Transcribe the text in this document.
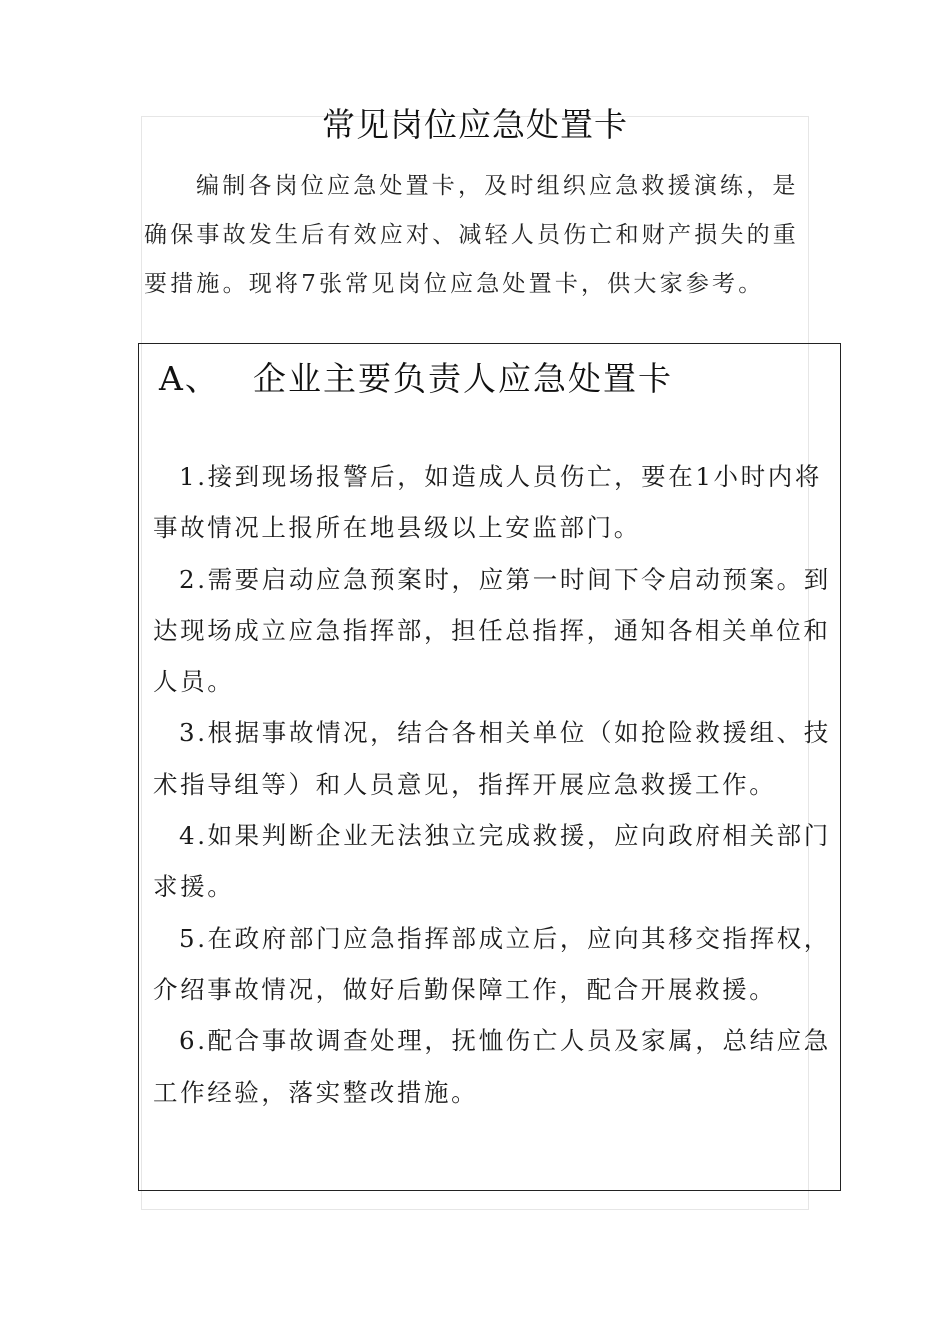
常见岗位应急处置卡

编制各岗位应急处置卡，及时组织应急救援演练，是确保事故发生后有效应对、减轻人员伤亡和财产损失的重要措施。现将7张常见岗位应急处置卡，供大家参考。

A、 企业主要负责人应急处置卡
1.接到现场报警后，如造成人员伤亡，要在1小时内将事故情况上报所在地县级以上安监部门。
2.需要启动应急预案时，应第一时间下令启动预案。到达现场成立应急指挥部，担任总指挥，通知各相关单位和人员。
3.根据事故情况，结合各相关单位（如抢险救援组、技术指导组等）和人员意见，指挥开展应急救援工作。
4.如果判断企业无法独立完成救援，应向政府相关部门求援。
5.在政府部门应急指挥部成立后，应向其移交指挥权，介绍事故情况，做好后勤保障工作，配合开展救援。
6.配合事故调查处理，抚恤伤亡人员及家属，总结应急工作经验，落实整改措施。
